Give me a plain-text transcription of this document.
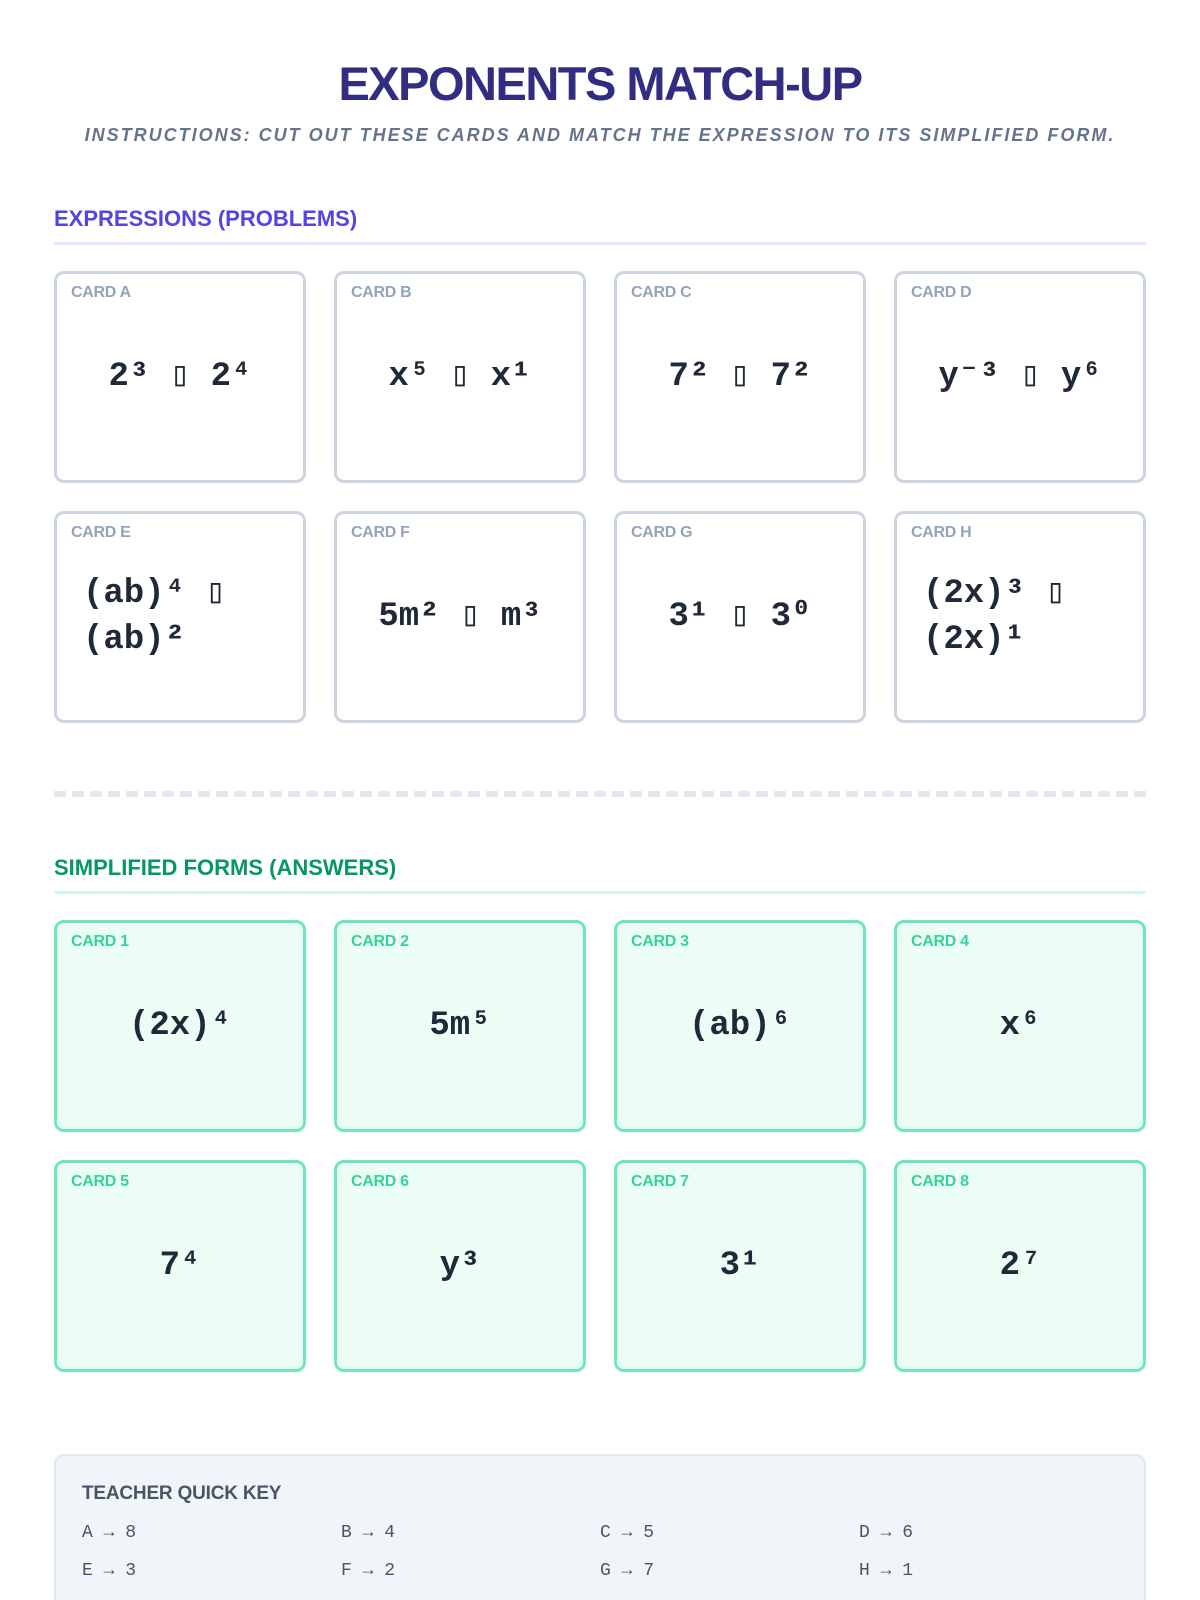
EXPONENTS MATCH-UP
INSTRUCTIONS: CUT OUT THESE CARDS AND MATCH THE EXPRESSION TO ITS SIMPLIFIED FORM.
EXPRESSIONS (PROBLEMS)
CARD A
2³ ▯ 2⁴
CARD B
x⁵ ▯ x¹
CARD C
7² ▯ 7²
CARD D
y⁻³ ▯ y⁶
CARD E
(ab)⁴ ▯ (ab)²
CARD F
5m² ▯ m³
CARD G
3¹ ▯ 3⁰
CARD H
(2x)³ ▯ (2x)¹
SIMPLIFIED FORMS (ANSWERS)
CARD 1
(2x)⁴
CARD 2
5m⁵
CARD 3
(ab)⁶
CARD 4
x⁶
CARD 5
7⁴
CARD 6
y³
CARD 7
3¹
CARD 8
2⁷
TEACHER QUICK KEY
A → 8	B → 4	C → 5	D → 6
E → 3	F → 2	G → 7	H → 1
